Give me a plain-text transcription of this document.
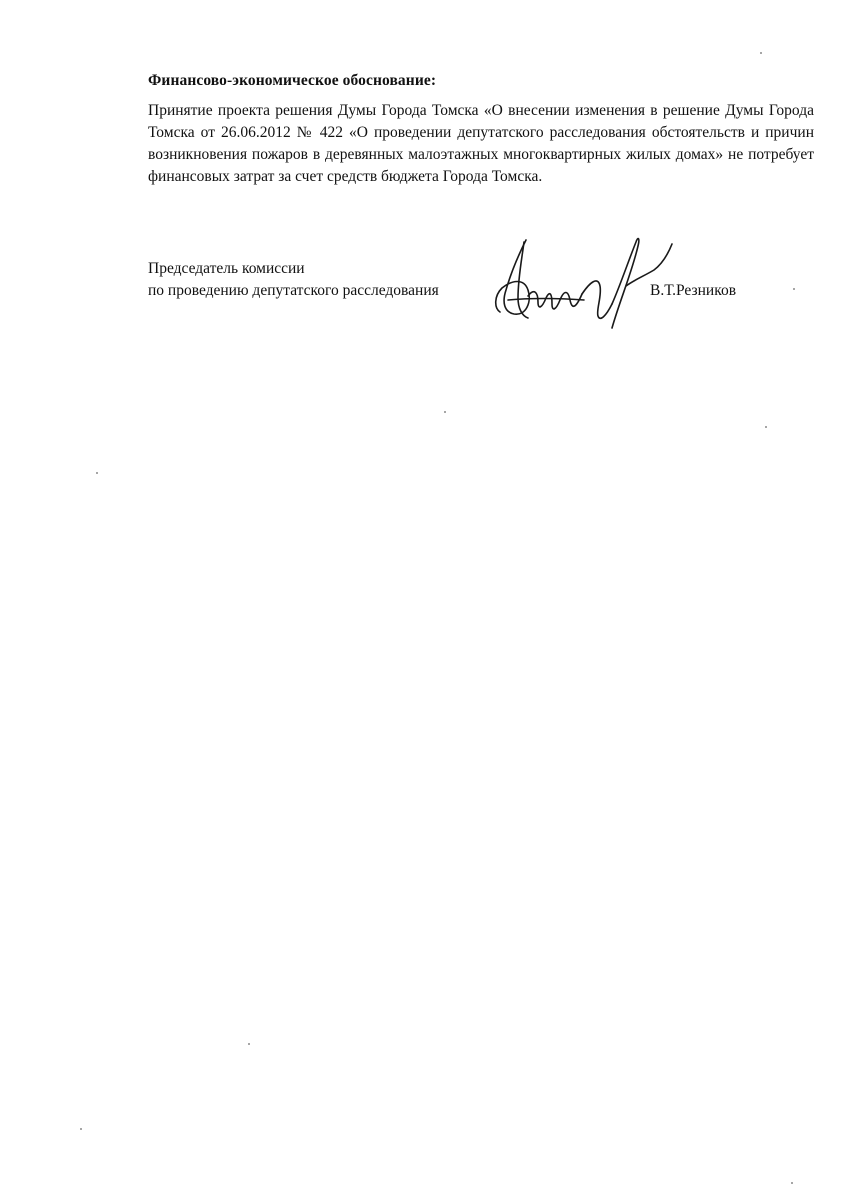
Финансово-экономическое обоснование:
Принятие проекта решения Думы Города Томска «О внесении изменения в решение Думы Города Томска от 26.06.2012 № 422 «О проведении депутатского расследования обстоятельств и причин возникновения пожаров в деревянных малоэтажных многоквартирных жилых домах» не потребует финансовых затрат за счет средств бюджета Города Томска.
Председатель комиссии
по проведению депутатского расследования	В.Т.Резников
